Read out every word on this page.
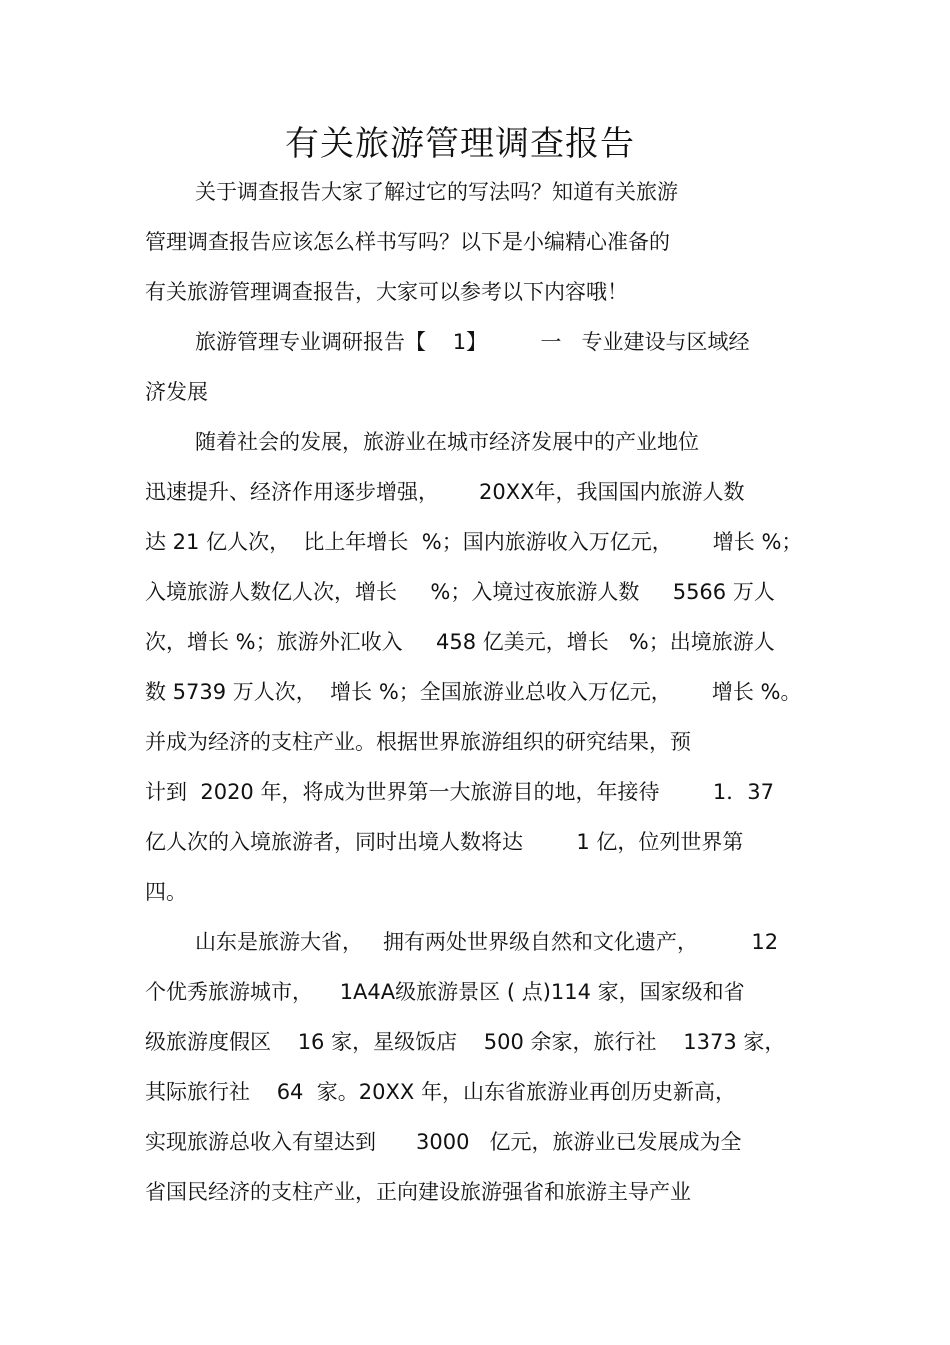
有关旅游管理调查报告
关于调查报告大家了解过它的写法吗？知道有关旅游
管理调查报告应该怎么样书写吗？以下是小编精心准备的
有关旅游管理调查报告，大家可以参考以下内容哦！
旅游管理专业调研报告【    1】        一   专业建设与区域经
济发展
随着社会的发展，旅游业在城市经济发展中的产业地位
迅速提升、经济作用逐步增强，      20XX年，我国国内旅游人数
达 21 亿人次，  比上年增长  %；国内旅游收入万亿元，      增长 %；
入境旅游人数亿人次，增长     %；入境过夜旅游人数     5566 万人
次，增长 %；旅游外汇收入     458 亿美元，增长   %；出境旅游人
数 5739 万人次，  增长 %；全国旅游业总收入万亿元，      增长 %。
并成为经济的支柱产业。根据世界旅游组织的研究结果，预
计到  2020 年，将成为世界第一大旅游目的地，年接待        1．37
亿人次的入境旅游者，同时出境人数将达        1 亿，位列世界第
四。
山东是旅游大省，   拥有两处世界级自然和文化遗产，        12
个优秀旅游城市，    1A4A级旅游景区 ( 点)114 家，国家级和省
级旅游度假区    16 家，星级饭店    500 余家，旅行社    1373 家，
其际旅行社    64  家。20XX 年，山东省旅游业再创历史新高，
实现旅游总收入有望达到      3000   亿元，旅游业已发展成为全
省国民经济的支柱产业，正向建设旅游强省和旅游主导产业
